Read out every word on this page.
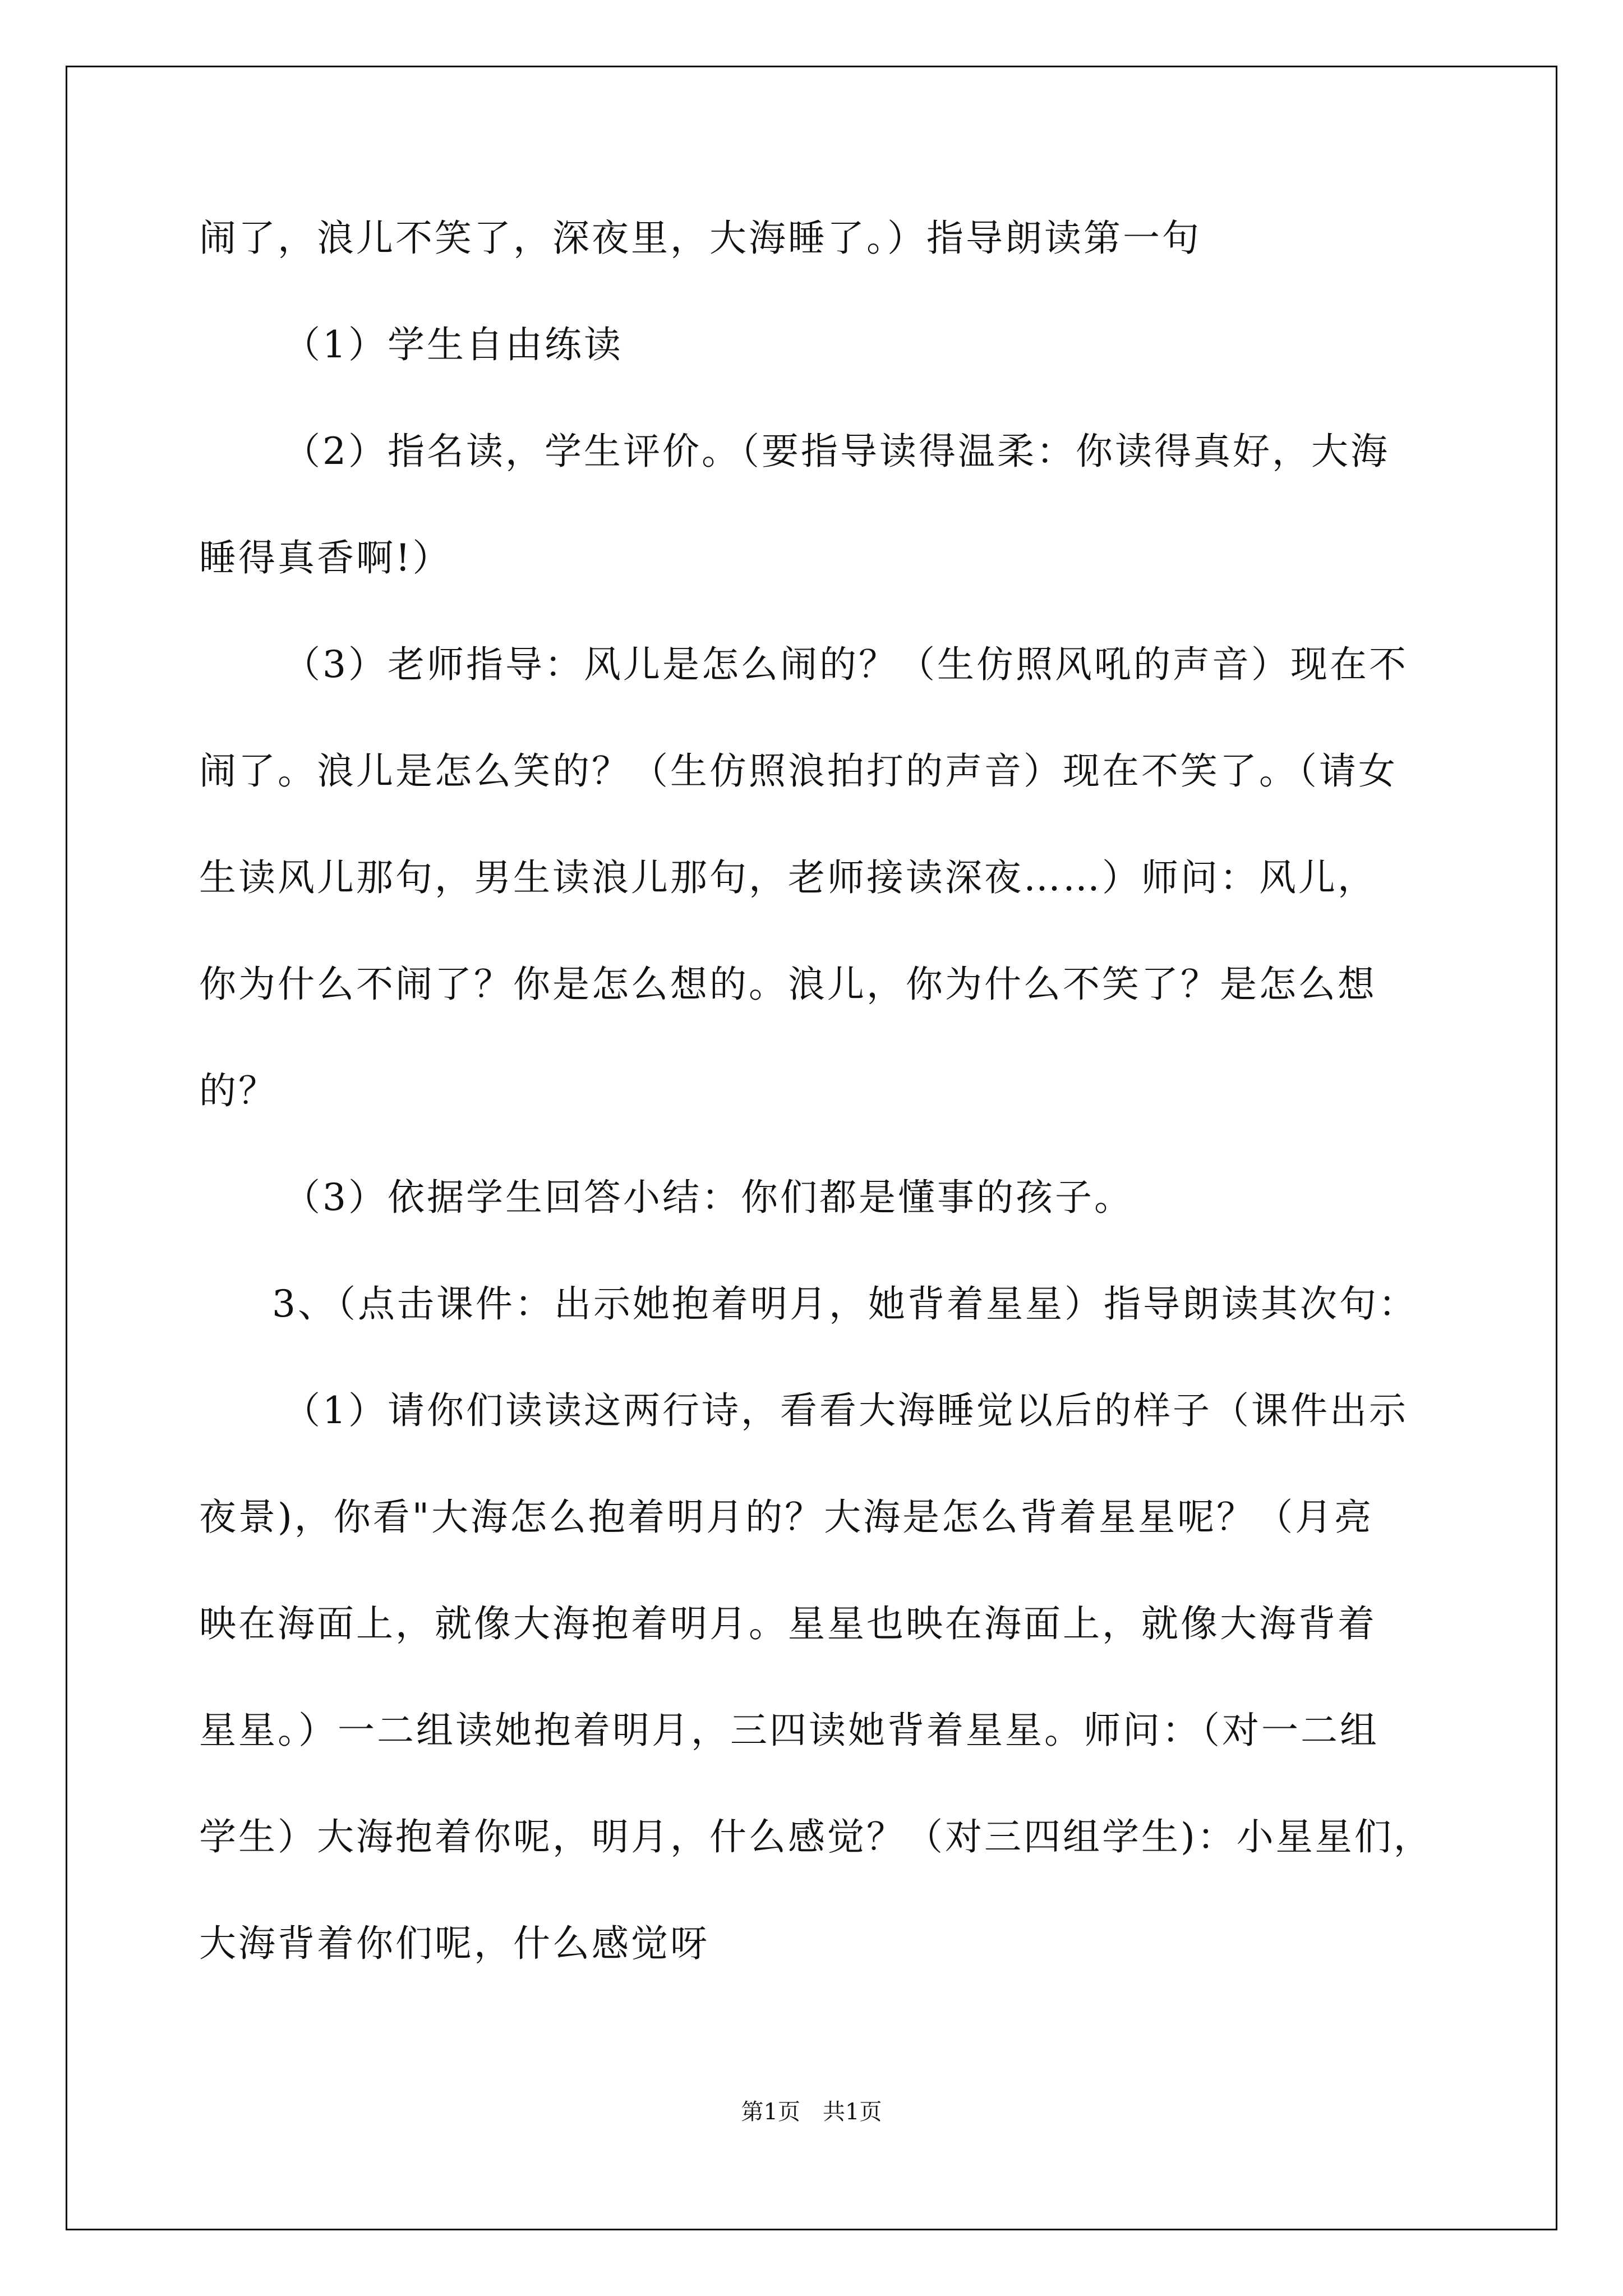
闹了，浪儿不笑了，深夜里，大海睡了。）指导朗读第一句
（1）学生自由练读
（2）指名读，学生评价。（要指导读得温柔：你读得真好，大海
睡得真香啊!）
（3）老师指导：风儿是怎么闹的？（生仿照风吼的声音）现在不
闹了。浪儿是怎么笑的？（生仿照浪拍打的声音）现在不笑了。（请女
生读风儿那句，男生读浪儿那句，老师接读深夜……）师问：风儿，
你为什么不闹了？你是怎么想的。浪儿，你为什么不笑了？是怎么想
的？
（3）依据学生回答小结：你们都是懂事的孩子。
3、（点击课件：出示她抱着明月，她背着星星）指导朗读其次句：
（1）请你们读读这两行诗，看看大海睡觉以后的样子（课件出示
夜景)，你看"大海怎么抱着明月的？大海是怎么背着星星呢？（月亮
映在海面上，就像大海抱着明月。星星也映在海面上，就像大海背着
星星。）一二组读她抱着明月，三四读她背着星星。师问：（对一二组
学生）大海抱着你呢，明月，什么感觉？（对三四组学生)：小星星们，
大海背着你们呢，什么感觉呀
第1页　共1页
